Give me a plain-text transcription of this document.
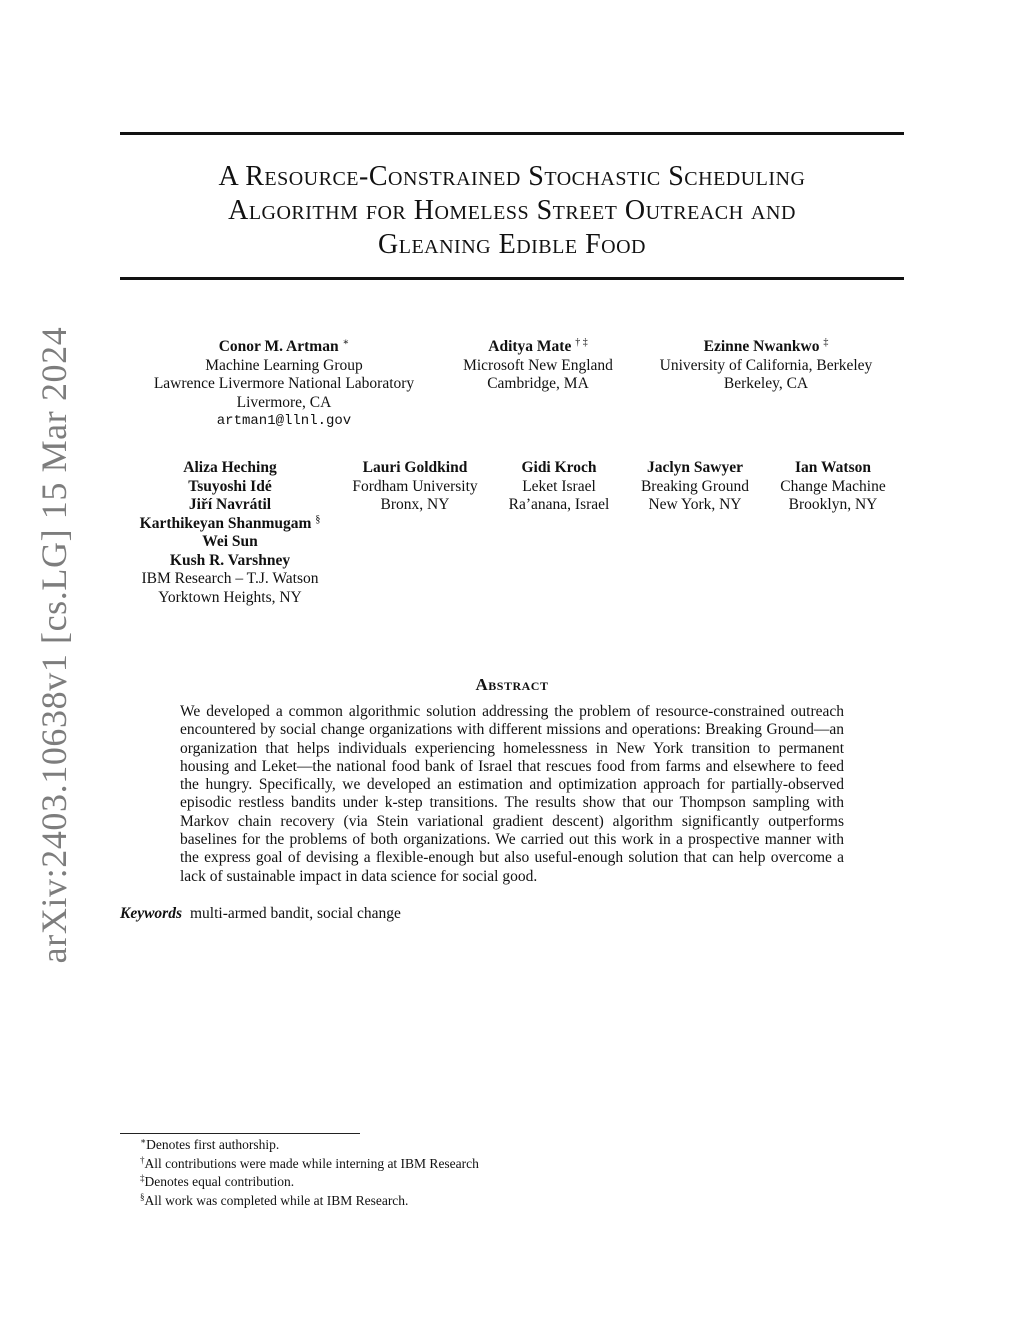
arXiv:2403.10638v1 [cs.LG] 15 Mar 2024
A Resource-Constrained Stochastic Scheduling
Algorithm for Homeless Street Outreach and
Gleaning Edible Food
Conor M. Artman ∗
Machine Learning Group
Lawrence Livermore National Laboratory
Livermore, CA
artman1@llnl.gov
Aditya Mate † ‡
Microsoft New England
Cambridge, MA
Ezinne Nwankwo ‡
University of California, Berkeley
Berkeley, CA
Aliza Heching
Tsuyoshi Idé
Jiří Navrátil
Karthikeyan Shanmugam §
Wei Sun
Kush R. Varshney
IBM Research – T.J. Watson
Yorktown Heights, NY
Lauri Goldkind
Fordham University
Bronx, NY
Gidi Kroch
Leket Israel
Ra’anana, Israel
Jaclyn Sawyer
Breaking Ground
New York, NY
Ian Watson
Change Machine
Brooklyn, NY
Abstract
We developed a common algorithmic solution addressing the problem of resource-constrained outreach encountered by social change organizations with different missions and operations: Breaking Ground—an organization that helps individuals experiencing homelessness in New York transition to permanent housing and Leket—the national food bank of Israel that rescues food from farms and elsewhere to feed the hungry. Specifically, we developed an estimation and optimization approach for partially-observed episodic restless bandits under k-step transitions. The results show that our Thompson sampling with Markov chain recovery (via Stein variational gradient descent) algorithm significantly outperforms baselines for the problems of both organizations. We carried out this work in a prospective manner with the express goal of devising a flexible-enough but also useful-enough solution that can help overcome a lack of sustainable impact in data science for social good.
Keywords multi-armed bandit, social change
∗Denotes first authorship.
†All contributions were made while interning at IBM Research
‡Denotes equal contribution.
§All work was completed while at IBM Research.
